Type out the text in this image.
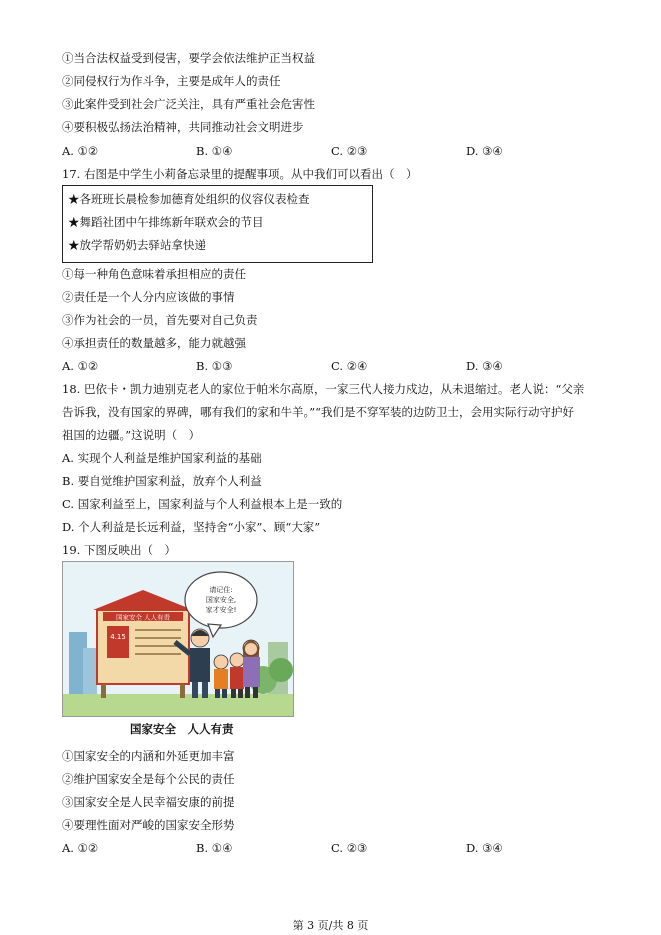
①当合法权益受到侵害，要学会依法维护正当权益
②同侵权行为作斗争，主要是成年人的责任
③此案件受到社会广泛关注，具有严重社会危害性
④要积极弘扬法治精神，共同推动社会文明进步
A. ①②	B. ①④	C. ②③	D. ③④
17. 右图是中学生小莉备忘录里的提醒事项。从中我们可以看出（　）
★各班班长晨检参加德育处组织的仪容仪表检查
★舞蹈社团中午排练新年联欢会的节目
★放学帮奶奶去驿站拿快递
①每一种角色意味着承担相应的责任
②责任是一个人分内应该做的事情
③作为社会的一员，首先要对自己负责
④承担责任的数量越多，能力就越强
A. ①②	B. ①③	C. ②④	D. ③④
18. 巴依卡・凯力迪别克老人的家位于帕米尔高原，一家三代人接力戍边，从未退缩过。老人说：“父亲
告诉我，没有国家的界碑，哪有我们的家和牛羊。”“我们是不穿军装的边防卫士，会用实际行动守护好
祖国的边疆。”这说明（　）
A. 实现个人利益是维护国家利益的基础
B. 要自觉维护国家利益，放弃个人利益
C. 国家利益至上，国家利益与个人利益根本上是一致的
D. 个人利益是长远利益，坚持舍“小家”、顾“大家”
19. 下图反映出（　）
国家安全 人人有责
4.15
请记住:
国家安全,
家才安全!
国家安全　人人有责
①国家安全的内涵和外延更加丰富
②维护国家安全是每个公民的责任
③国家安全是人民幸福安康的前提
④要理性面对严峻的国家安全形势
A. ①②	B. ①④	C. ②③	D. ③④
第 3 页/共 8 页
